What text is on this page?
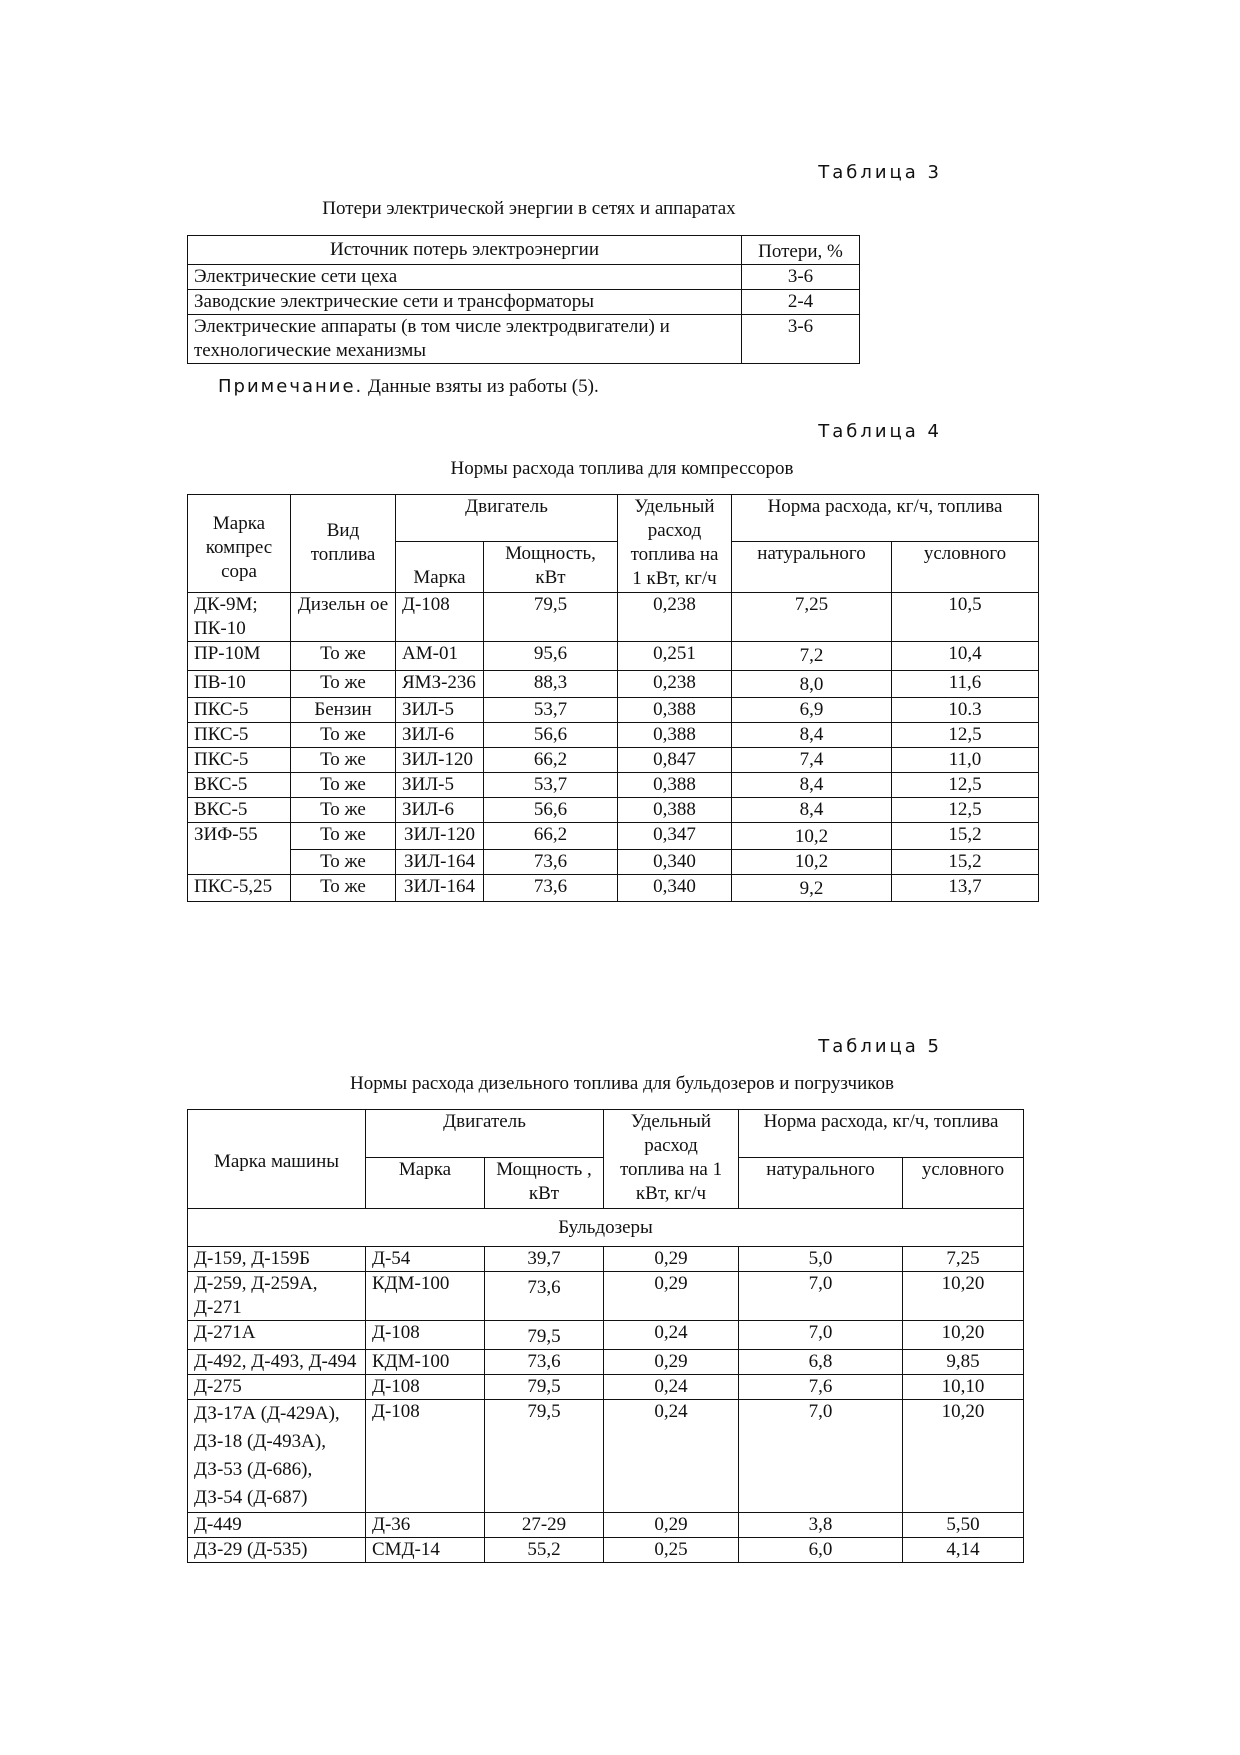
Таблица 3
Потери электрической энергии в сетях и аппаратах
Источник потерь электроэнергии	Потери, %
Электрические сети цеха	3-6
Заводские электрические сети и трансформаторы	2-4
Электрические аппараты (в том числе электродвигатели) и технологические механизмы	3-6
Примечание. Данные взяты из работы (5).
Таблица 4
Нормы расхода топлива для компрессоров
Марка компрес сора	Вид топлива	Двигатель		Удельный расход топлива на 1 кВт, кг/ч	Норма расхода, кг/ч, топлива	
		Марка	Мощность, кВт		натурального	условного
ДК-9М; ПК-10	Дизельн ое	Д-108	79,5	0,238	7,25	10,5
ПР-10М	То же	АМ-01	95,6	0,251	7,2	10,4
ПВ-10	То же	ЯМЗ-236	88,3	0,238	8,0	11,6
ПКС-5	Бензин	ЗИЛ-5	53,7	0,388	6,9	10.3
ПКС-5	То же	ЗИЛ-6	56,6	0,388	8,4	12,5
ПКС-5	То же	ЗИЛ-120	66,2	0,847	7,4	11,0
ВКС-5	То же	ЗИЛ-5	53,7	0,388	8,4	12,5
ВКС-5	То же	ЗИЛ-6	56,6	0,388	8,4	12,5
ЗИФ-55	То же	ЗИЛ-120	66,2	0,347	10,2	15,2
	То же	ЗИЛ-164	73,6	0,340	10,2	15,2
ПКС-5,25	То же	ЗИЛ-164	73,6	0,340	9,2	13,7
Таблица 5
Нормы расхода дизельного топлива для бульдозеров и погрузчиков
Марка машины	Двигатель		Удельный расход топлива на 1 кВт, кг/ч	Норма расхода, кг/ч, топлива	
	Марка	Мощность , кВт		натурального	условного
Бульдозеры					
Д-159, Д-159Б	Д-54	39,7	0,29	5,0	7,25
Д-259, Д-259А, Д-271	КДМ-100	73,6	0,29	7,0	10,20
Д-271А	Д-108	79,5	0,24	7,0	10,20
Д-492, Д-493, Д-494	КДМ-100	73,6	0,29	6,8	9,85
Д-275	Д-108	79,5	0,24	7,6	10,10
ДЗ-17А (Д-429А), ДЗ-18 (Д-493А), ДЗ-53 (Д-686), ДЗ-54 (Д-687)	Д-108	79,5	0,24	7,0	10,20
Д-449	Д-36	27-29	0,29	3,8	5,50
ДЗ-29 (Д-535)	СМД-14	55,2	0,25	6,0	4,14
